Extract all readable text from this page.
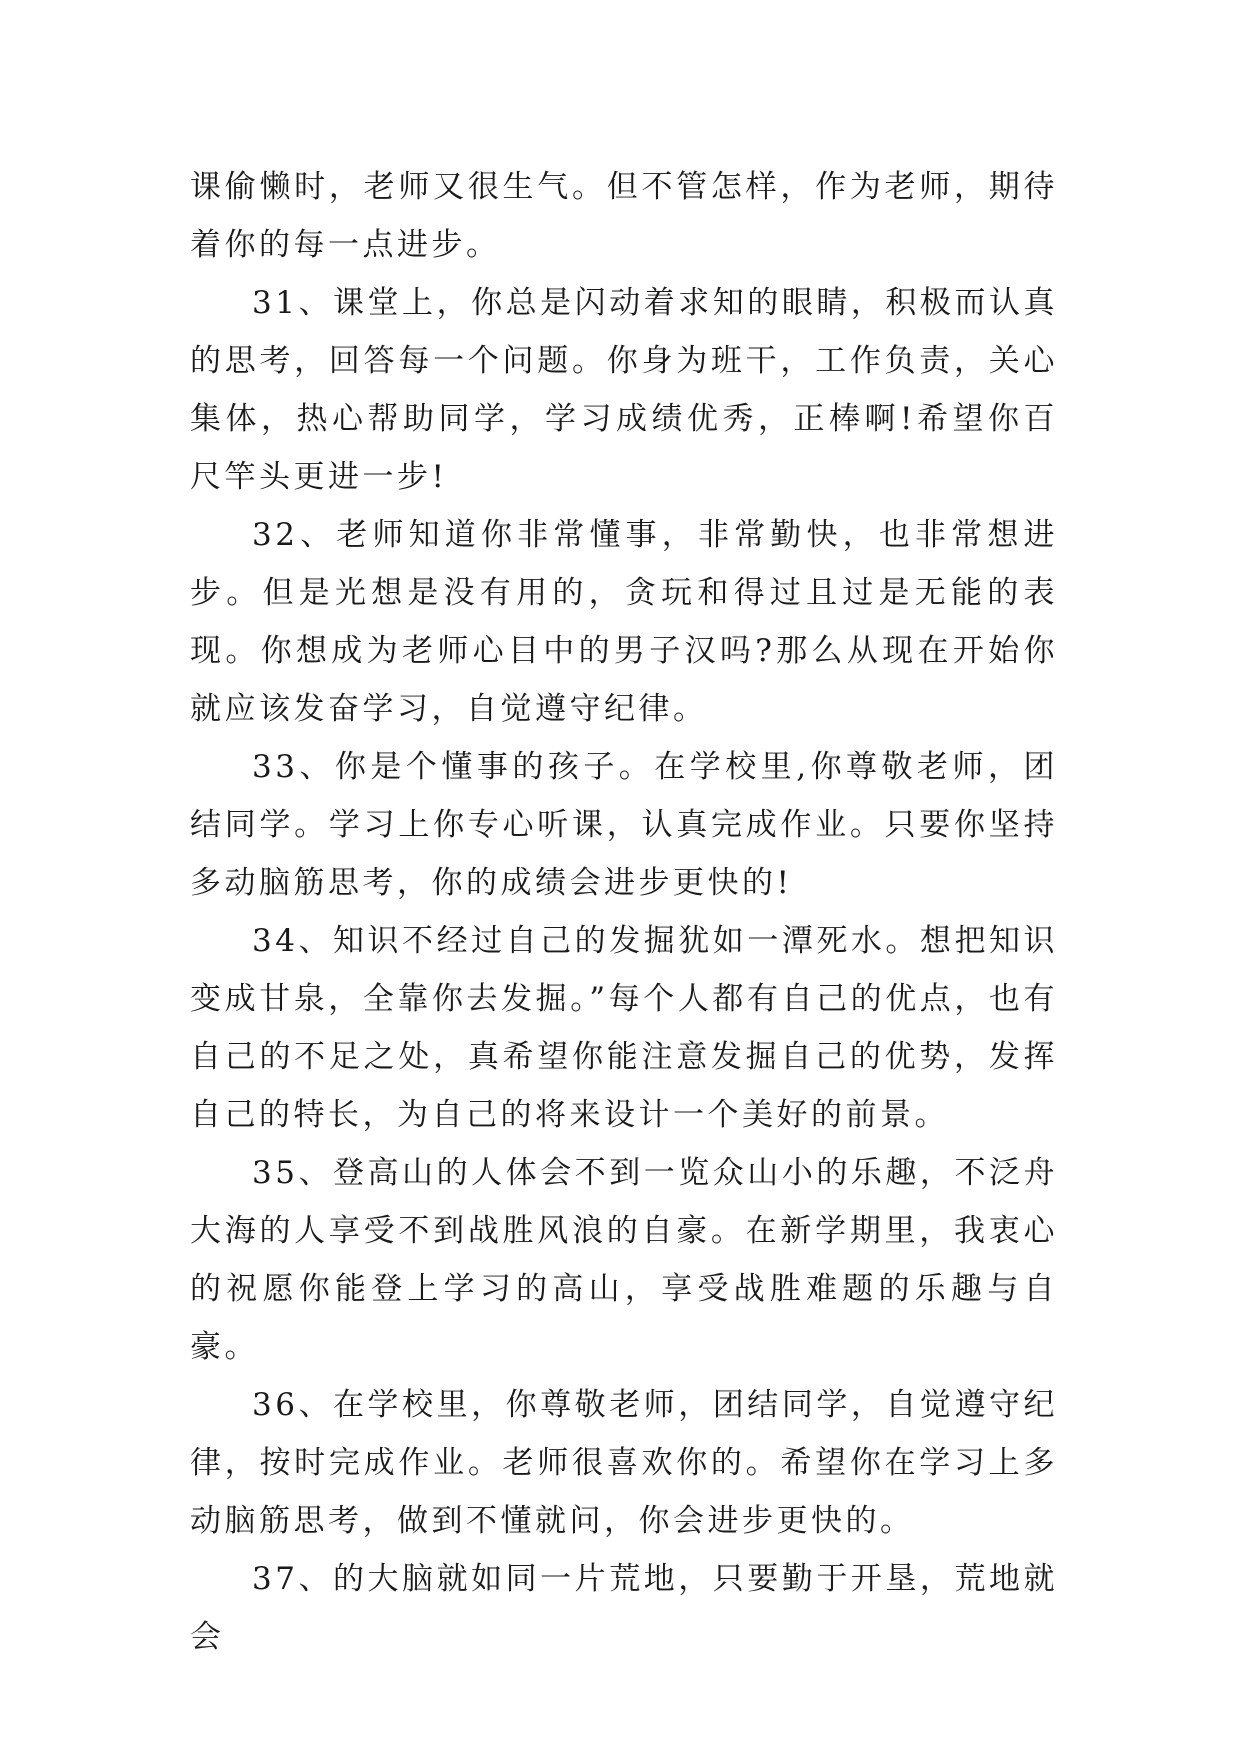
课偷懒时，老师又很生气。但不管怎样，作为老师，期待着你的每一点进步。

31、课堂上，你总是闪动着求知的眼睛，积极而认真的思考，回答每一个问题。你身为班干，工作负责，关心集体，热心帮助同学，学习成绩优秀，正棒啊!希望你百尺竿头更进一步!

32、老师知道你非常懂事，非常勤快，也非常想进步。但是光想是没有用的，贪玩和得过且过是无能的表现。你想成为老师心目中的男子汉吗?那么从现在开始你就应该发奋学习，自觉遵守纪律。

33、你是个懂事的孩子。在学校里,你尊敬老师，团结同学。学习上你专心听课，认真完成作业。只要你坚持多动脑筋思考，你的成绩会进步更快的!

34、知识不经过自己的发掘犹如一潭死水。想把知识变成甘泉，全靠你去发掘。”每个人都有自己的优点，也有自己的不足之处，真希望你能注意发掘自己的优势，发挥自己的特长，为自己的将来设计一个美好的前景。

35、登高山的人体会不到一览众山小的乐趣，不泛舟大海的人享受不到战胜风浪的自豪。在新学期里，我衷心的祝愿你能登上学习的高山，享受战胜难题的乐趣与自豪。

36、在学校里，你尊敬老师，团结同学，自觉遵守纪律，按时完成作业。老师很喜欢你的。希望你在学习上多动脑筋思考，做到不懂就问，你会进步更快的。

37、的大脑就如同一片荒地，只要勤于开垦，荒地就会
